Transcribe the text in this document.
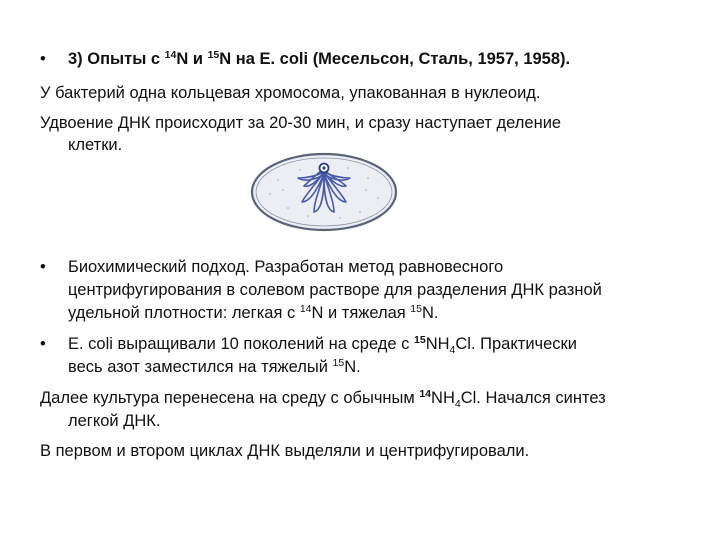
• 3) Опыты с $^{14}$N и $^{15}$N на E. coli (Мeсельсон, Сталь, 1957, 1958).
У бактерий одна кольцевая хромосома, упакованная в нуклеоид.
Удвоение ДНК происходит за 20-30 мин, и сразу наступает деление
клетки.
• Биохимический подход. Разработан метод равновесного
центрифугирования в солевом растворе для разделения ДНК разной
удельной плотности: легкая с $^{14}$N и тяжелая $^{15}$N.
• E. coli выращивали 10 поколений на среде с $^{15}NH_4Cl$. Практически
весь азот заместился на тяжелый $^{15}$N.
Далее культура перенесена на среду с обычным $^{14}NH_4Cl$. Начался синтез
легкой ДНК.
В первом и втором циклах ДНК выделяли и центрифугировали.
